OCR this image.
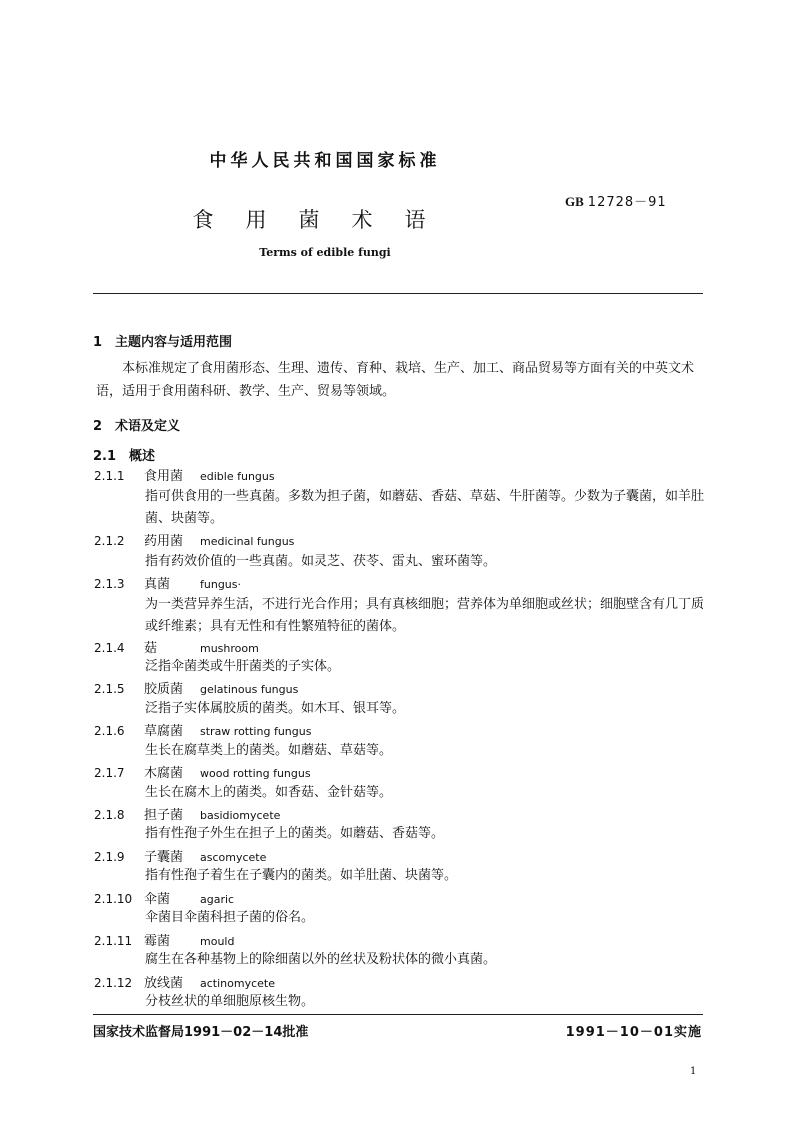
中华人民共和国国家标准
食用菌术语
GB 12728－91
Terms of edible fungi
1　主题内容与适用范围
本标准规定了食用菌形态、生理、遗传、育种、栽培、生产、加工、商品贸易等方面有关的中英文术语，适用于食用菌科研、教学、生产、贸易等领域。
2　术语及定义
2.1　概述
2.1.1 食用菌 edible fungus
指可供食用的一些真菌。多数为担子菌，如蘑菇、香菇、草菇、牛肝菌等。少数为子囊菌，如羊肚菌、块菌等。
2.1.2 药用菌 medicinal fungus
指有药效价值的一些真菌。如灵芝、茯苓、雷丸、蜜环菌等。
2.1.3 真菌	fungus·
为一类营异养生活，不进行光合作用；具有真核细胞；营养体为单细胞或丝状；细胞壁含有几丁质或纤维素；具有无性和有性繁殖特征的菌体。
2.1.4 菇	mushroom
泛指伞菌类或牛肝菌类的子实体。
2.1.5 胶质菌 gelatinous fungus
泛指子实体属胶质的菌类。如木耳、银耳等。
2.1.6 草腐菌 straw rotting fungus
生长在腐草类上的菌类。如蘑菇、草菇等。
2.1.7 木腐菌 wood rotting fungus
生长在腐木上的菌类。如香菇、金针菇等。
2.1.8 担子菌 basidiomycete
指有性孢子外生在担子上的菌类。如蘑菇、香菇等。
2.1.9 子囊菌 ascomycete
指有性孢子着生在子囊内的菌类。如羊肚菌、块菌等。
2.1.10 伞菌	agaric
伞菌目伞菌科担子菌的俗名。
2.1.11 霉菌	mould
腐生在各种基物上的除细菌以外的丝状及粉状体的微小真菌。
2.1.12 放线菌 actinomycete
分枝丝状的单细胞原核生物。
国家技术监督局1991－02－14批准	1991－10－01实施
1
